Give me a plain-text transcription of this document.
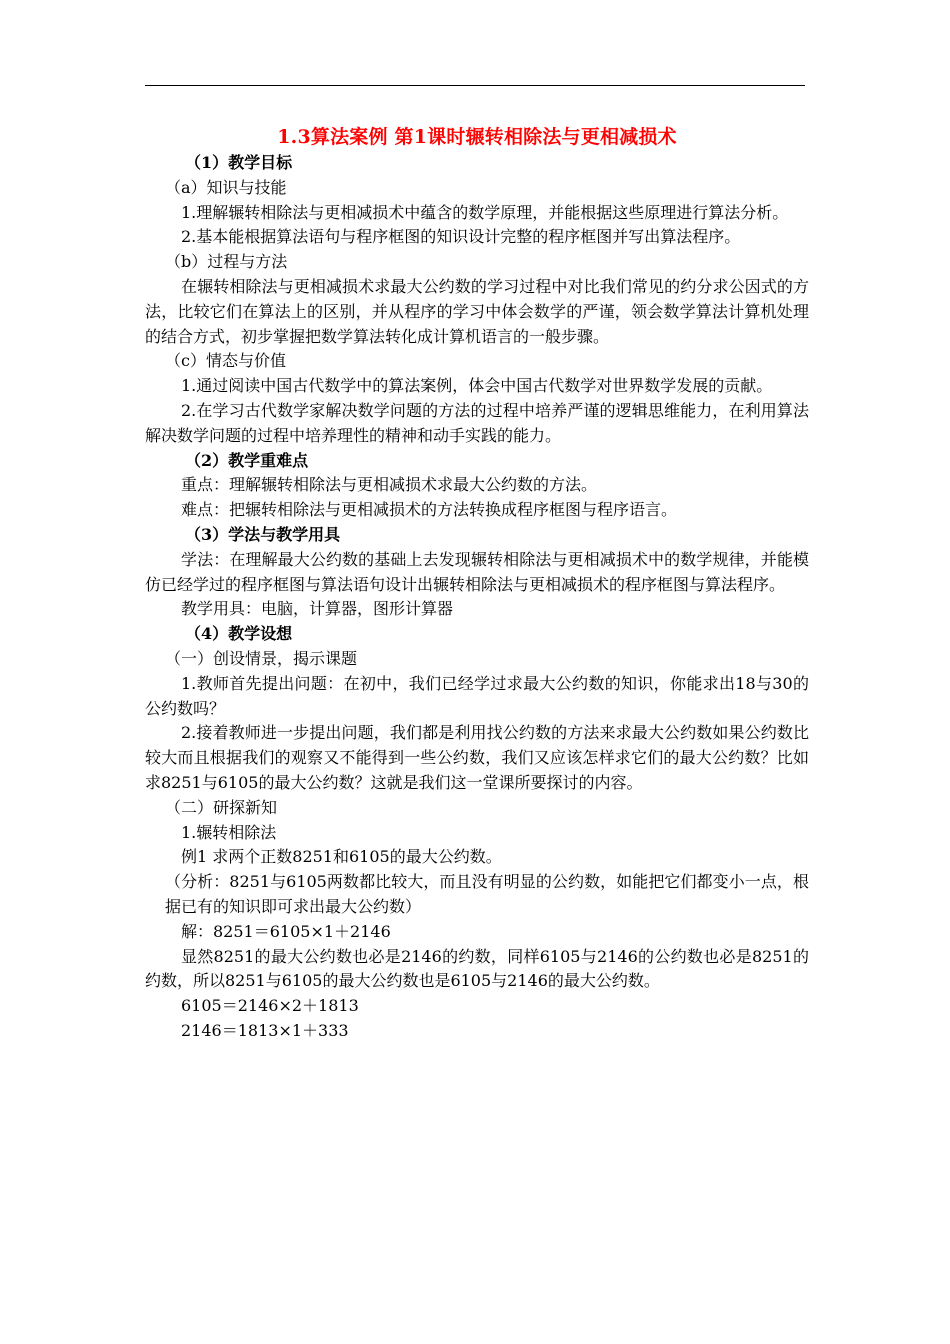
1.3算法案例 第1课时辗转相除法与更相减损术

（1）教学目标

（a）知识与技能

1.理解辗转相除法与更相减损术中蕴含的数学原理，并能根据这些原理进行算法分析。

2.基本能根据算法语句与程序框图的知识设计完整的程序框图并写出算法程序。

（b）过程与方法

在辗转相除法与更相减损术求最大公约数的学习过程中对比我们常见的约分求公因式的方法，比较它们在算法上的区别，并从程序的学习中体会数学的严谨，领会数学算法计算机处理的结合方式，初步掌握把数学算法转化成计算机语言的一般步骤。

（c）情态与价值

1.通过阅读中国古代数学中的算法案例，体会中国古代数学对世界数学发展的贡献。

2.在学习古代数学家解决数学问题的方法的过程中培养严谨的逻辑思维能力，在利用算法解决数学问题的过程中培养理性的精神和动手实践的能力。

（2）教学重难点

重点：理解辗转相除法与更相减损术求最大公约数的方法。

难点：把辗转相除法与更相减损术的方法转换成程序框图与程序语言。

（3）学法与教学用具

学法：在理解最大公约数的基础上去发现辗转相除法与更相减损术中的数学规律，并能模仿已经学过的程序框图与算法语句设计出辗转相除法与更相减损术的程序框图与算法程序。

教学用具：电脑，计算器，图形计算器

（4）教学设想

（一）创设情景，揭示课题

1.教师首先提出问题：在初中，我们已经学过求最大公约数的知识，你能求出18与30的公约数吗？

2.接着教师进一步提出问题，我们都是利用找公约数的方法来求最大公约数如果公约数比较大而且根据我们的观察又不能得到一些公约数，我们又应该怎样求它们的最大公约数？比如求8251与6105的最大公约数？这就是我们这一堂课所要探讨的内容。

（二）研探新知

1.辗转相除法

例1 求两个正数8251和6105的最大公约数。

（分析：8251与6105两数都比较大，而且没有明显的公约数，如能把它们都变小一点，根据已有的知识即可求出最大公约数）

解：8251＝6105×1＋2146

显然8251的最大公约数也必是2146的约数，同样6105与2146的公约数也必是8251的约数，所以8251与6105的最大公约数也是6105与2146的最大公约数。

6105＝2146×2＋1813

2146＝1813×1＋333
